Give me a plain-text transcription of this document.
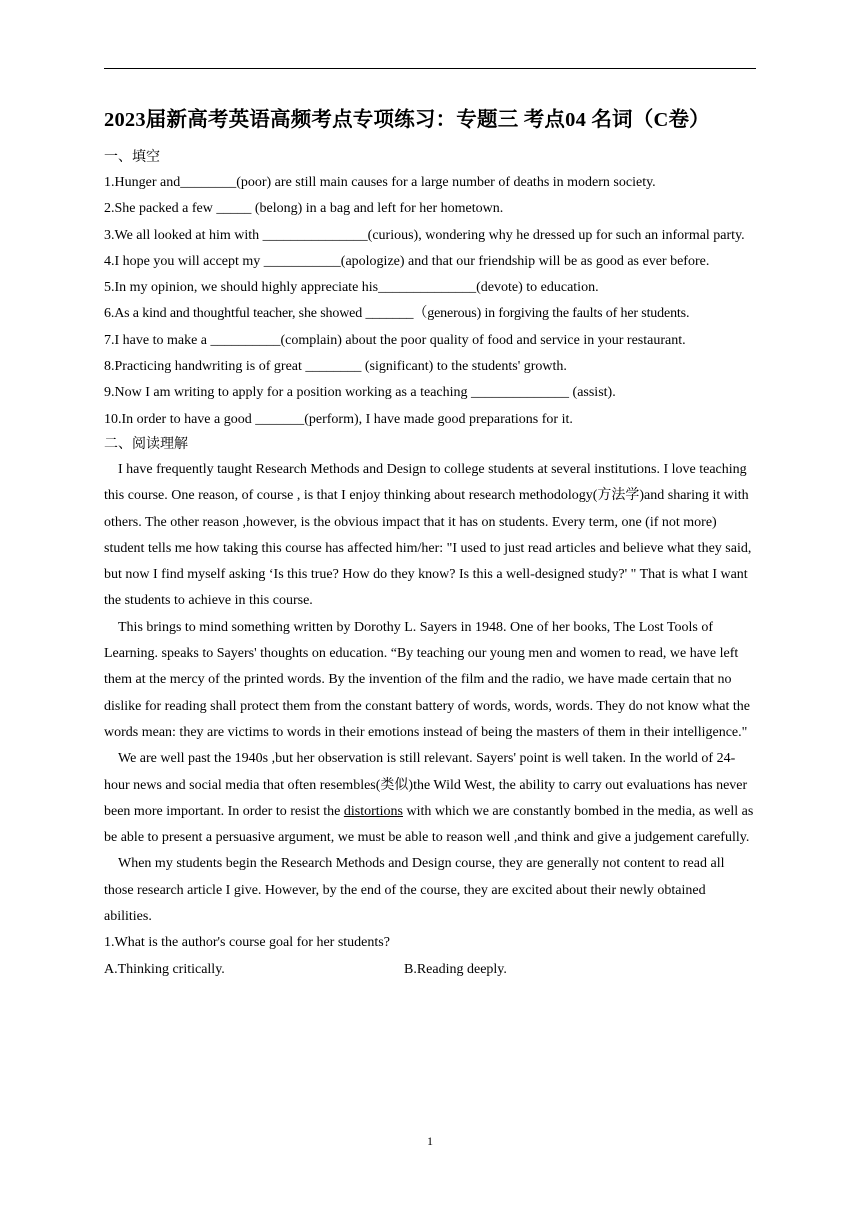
2023届新高考英语高频考点专项练习：专题三 考点04 名词（C卷）
一、填空
1.Hunger and________(poor) are still main causes for a large number of deaths in modern society.
2.She packed a few _____ (belong) in a bag and left for her hometown.
3.We all looked at him with _______________(curious), wondering why he dressed up for such an informal party.
4.I hope you will accept my ___________(apologize) and that our friendship will be as good as ever before.
5.In my opinion, we should highly appreciate his______________(devote) to education.
6.As a kind and thoughtful teacher, she showed _______（generous) in forgiving the faults of her students.
7.I have to make a __________(complain) about the poor quality of food and service in your restaurant.
8.Practicing handwriting is of great ________ (significant) to the students' growth.
9.Now I am writing to apply for a position working as a teaching ______________ (assist).
10.In order to have a good _______(perform), I have made good preparations for it.
二、阅读理解
I have frequently taught Research Methods and Design to college students at several institutions. I love teaching this course. One reason, of course , is that I enjoy thinking about research methodology(方法学)and sharing it with others. The other reason ,however, is the obvious impact that it has on students. Every term, one (if not more) student tells me how taking this course has affected him/her: "I used to just read articles and believe what they said, but now I find myself asking ‘Is this true? How do they know? Is this a well-designed study?' " That is what I want the students to achieve in this course.
This brings to mind something written by Dorothy L. Sayers in 1948. One of her books, The Lost Tools of Learning. speaks to Sayers' thoughts on education. “By teaching our young men and women to read, we have left them at the mercy of the printed words. By the invention of the film and the radio, we have made certain that no dislike for reading shall protect them from the constant battery of words, words, words. They do not know what the words mean: they are victims to words in their emotions instead of being the masters of them in their intelligence."
We are well past the 1940s ,but her observation is still relevant. Sayers' point is well taken. In the world of 24-hour news and social media that often resembles(类似)the Wild West, the ability to carry out evaluations has never been more important. In order to resist the distortions with which we are constantly bombed in the media, as well as be able to present a persuasive argument, we must be able to reason well ,and think and give a judgement carefully.
When my students begin the Research Methods and Design course, they are generally not content to read all those research article I give. However, by the end of the course, they are excited about their newly obtained abilities.
1.What is the author's course goal for her students?
A.Thinking critically.	B.Reading deeply.
1
